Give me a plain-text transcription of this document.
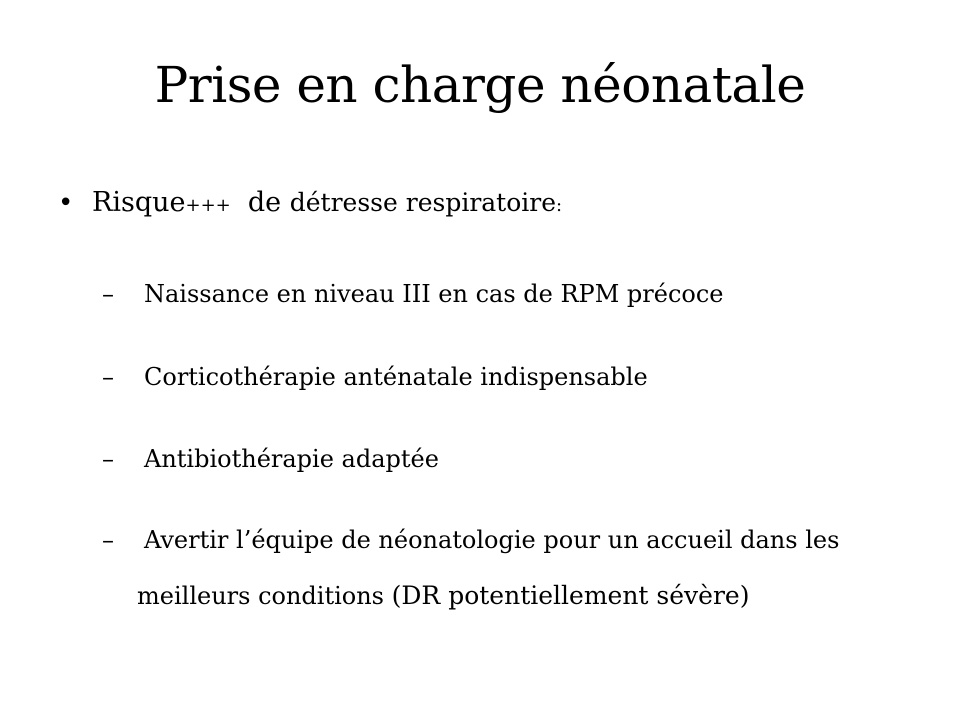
Prise en charge néonatale
• Risque+++  de détresse respiratoire:
– Naissance en niveau III en cas de RPM précoce
– Corticothérapie anténatale indispensable
– Antibiothérapie adaptée
– Avertir l’équipe de néonatologie pour un accueil dans les
meilleurs conditions (DR potentiellement sévère)
